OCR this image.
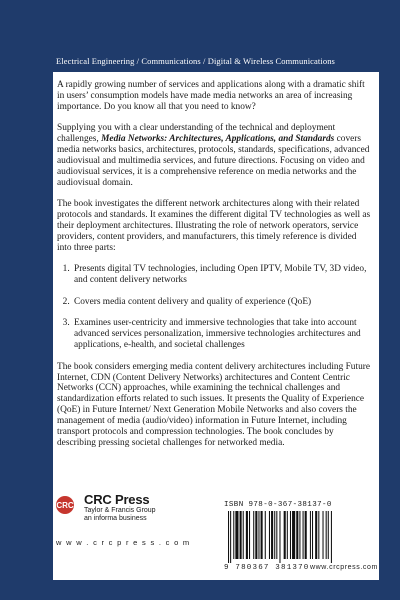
Electrical Engineering / Communications / Digital & Wireless Communications

A rapidly growing number of services and applications along with a dramatic shift in users’ consumption models have made media networks an area of increasing importance. Do you know all that you need to know?

Supplying you with a clear understanding of the technical and deployment challenges, Media Networks: Architectures, Applications, and Standards covers media networks basics, architectures, protocols, standards, specifications, advanced audiovisual and multimedia services, and future directions. Focusing on video and audiovisual services, it is a comprehensive reference on media networks and the audiovisual domain.

The book investigates the different network architectures along with their related protocols and standards. It examines the different digital TV technologies as well as their deployment architectures. Illustrating the role of network operators, service providers, content providers, and manufacturers, this timely reference is divided into three parts:

1. Presents digital TV technologies, including Open IPTV, Mobile TV, 3D video, and content delivery networks
2. Covers media content delivery and quality of experience (QoE)
3. Examines user-centricity and immersive technologies that take into account advanced services personalization, immersive technologies architectures and applications, e-health, and societal challenges

The book considers emerging media content delivery architectures including Future Internet, CDN (Content Delivery Networks) architectures and Content Centric Networks (CCN) approaches, while examining the technical challenges and standardization efforts related to such issues. It presents the Quality of Experience (QoE) in Future Internet/ Next Generation Mobile Networks and also covers the management of media (audio/video) information in Future Internet, including transport protocols and compression technologies. The book concludes by describing pressing societal challenges for networked media.

CRC CRC Press
Taylor & Francis Group
an informa business
w w w . c r c p r e s s . c o m
ISBN 978-0-367-38137-0
9 780367 381370 www.crcpress.com
